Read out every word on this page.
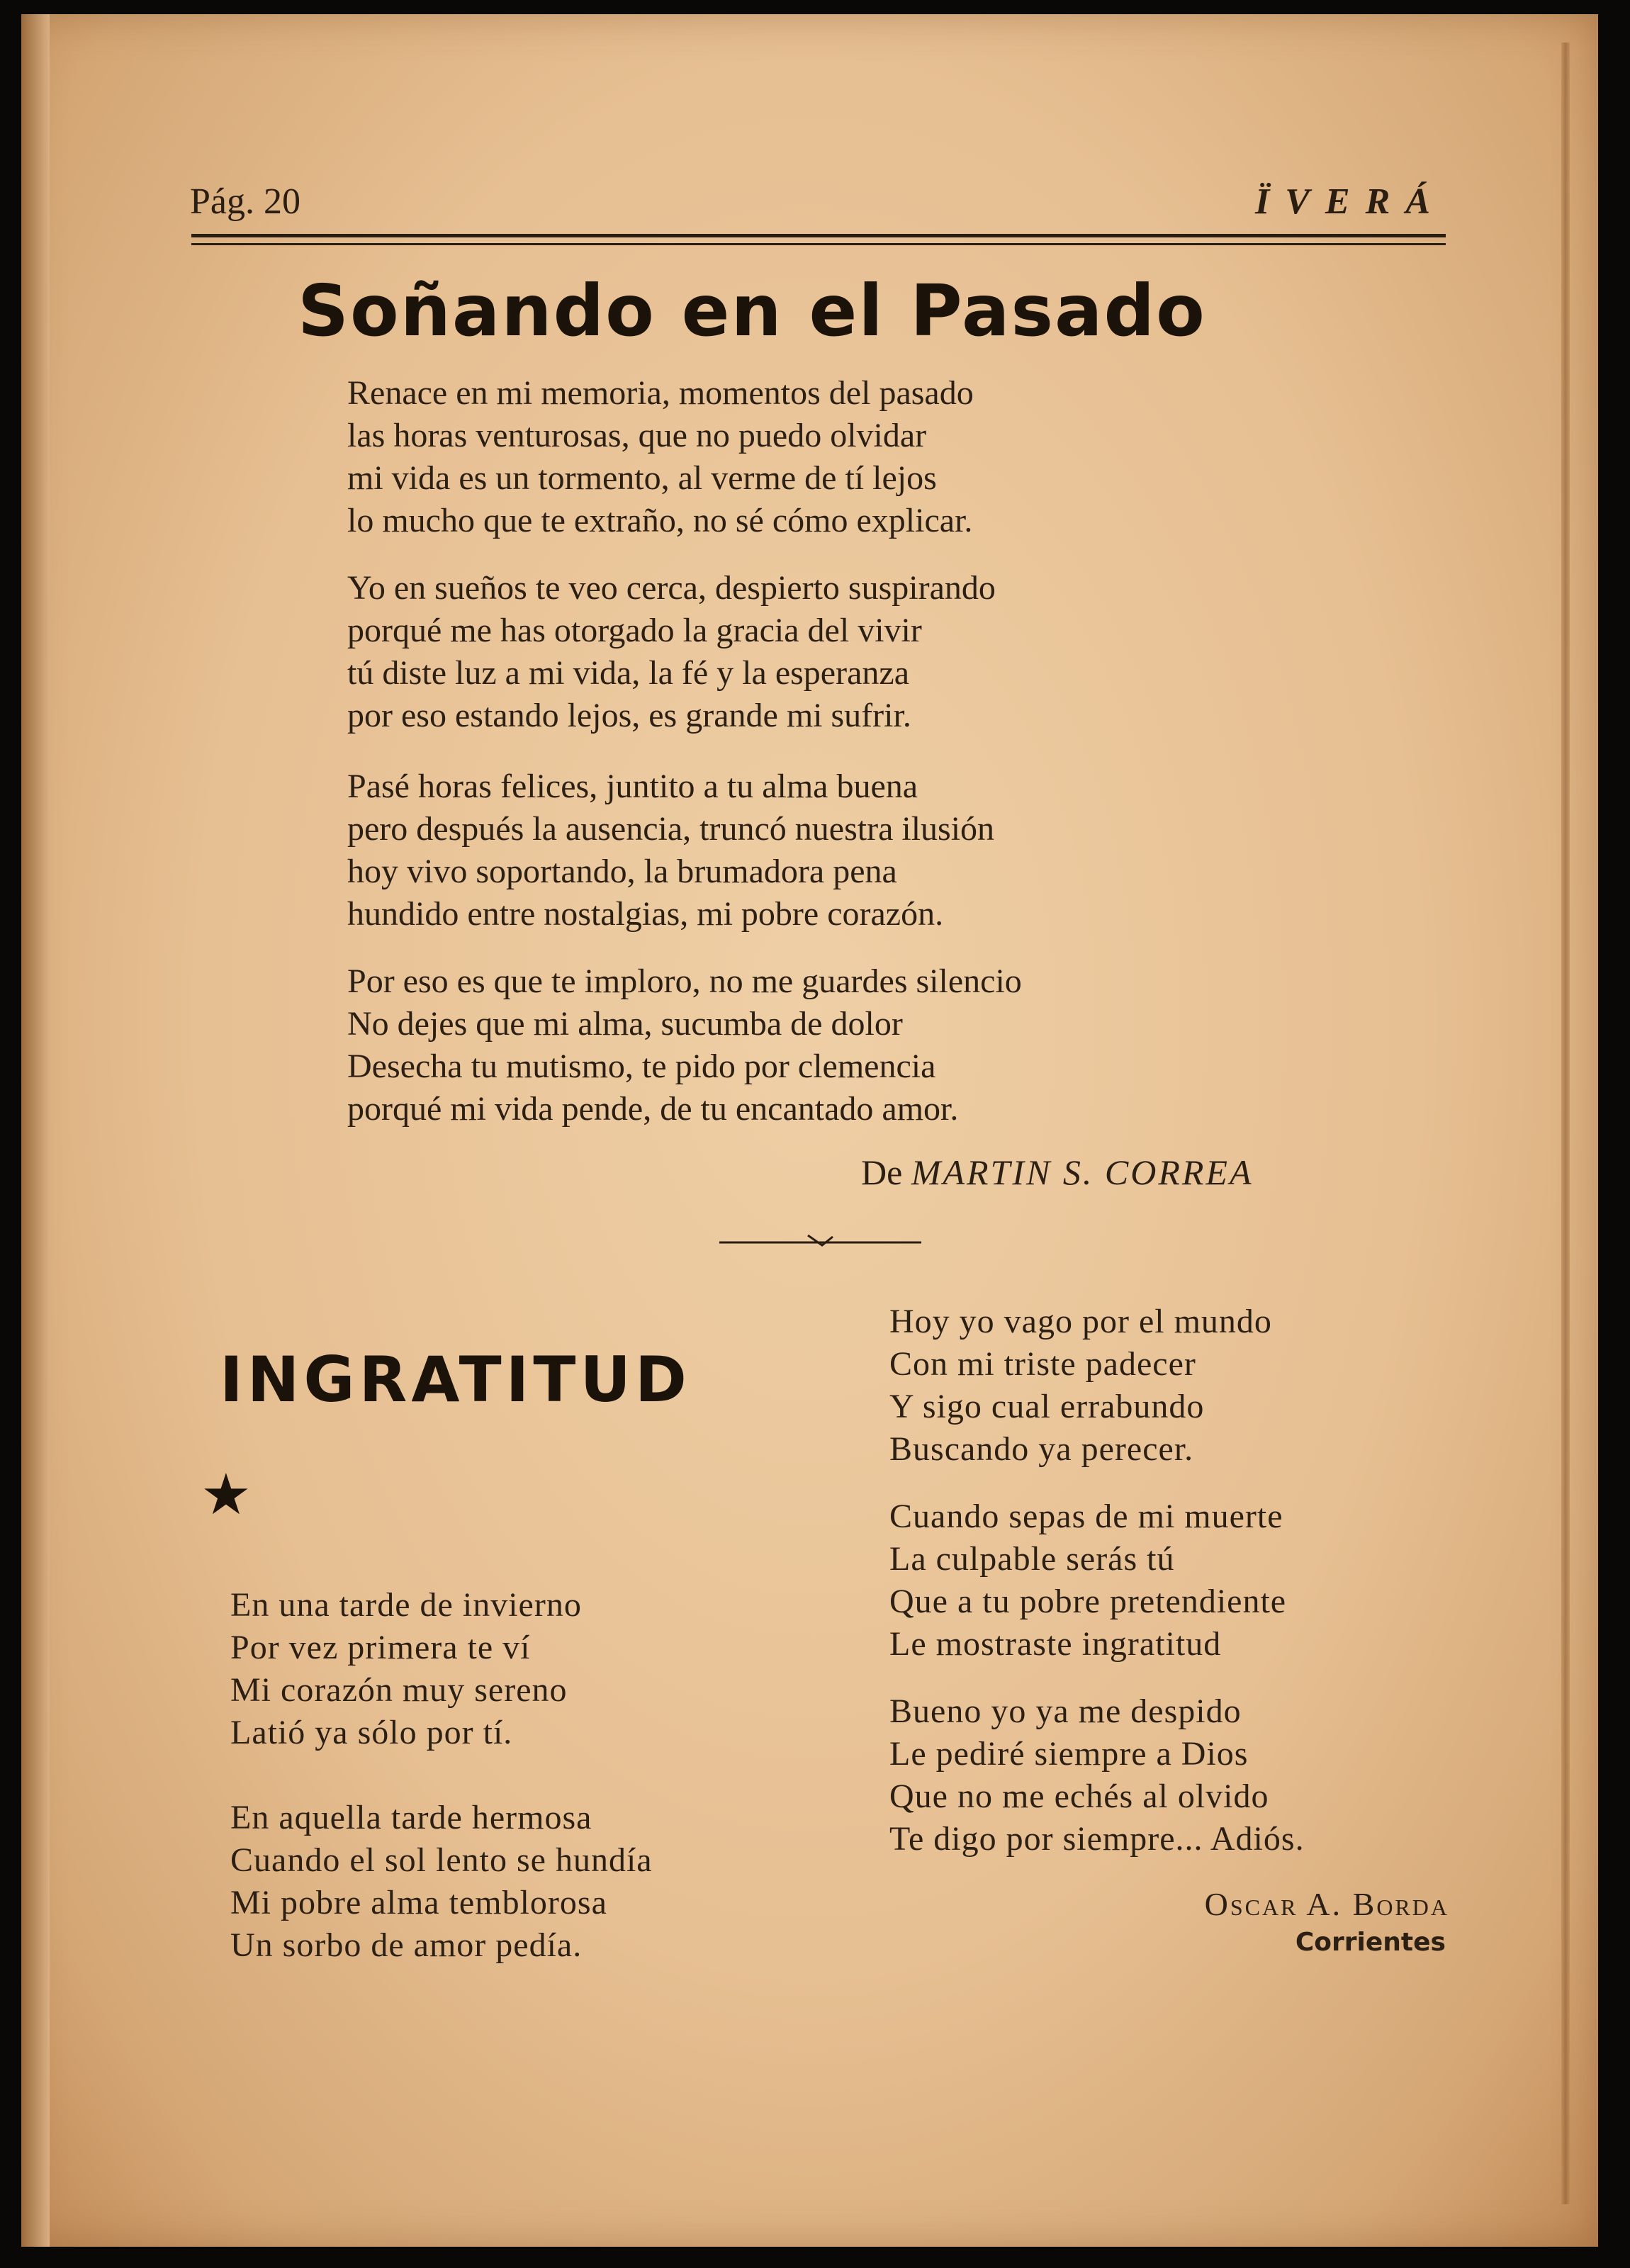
Pág. 20	ÏVERÁ
Soñando en el Pasado
Renace en mi memoria, momentos del pasado
las horas venturosas, que no puedo olvidar
mi vida es un tormento, al verme de tí lejos
lo mucho que te extraño, no sé cómo explicar.
Yo en sueños te veo cerca, despierto suspirando
porqué me has otorgado la gracia del vivir
tú diste luz a mi vida, la fé y la esperanza
por eso estando lejos, es grande mi sufrir.
Pasé horas felices, juntito a tu alma buena
pero después la ausencia, truncó nuestra ilusión
hoy vivo soportando, la brumadora pena
hundido entre nostalgias, mi pobre corazón.
Por eso es que te imploro, no me guardes silencio
No dejes que mi alma, sucumba de dolor
Desecha tu mutismo, te pido por clemencia
porqué mi vida pende, de tu encantado amor.
De MARTIN S. CORREA
INGRATITUD
★
En una tarde de invierno
Por vez primera te ví
Mi corazón muy sereno
Latió ya sólo por tí.
En aquella tarde hermosa
Cuando el sol lento se hundía
Mi pobre alma temblorosa
Un sorbo de amor pedía.
Hoy yo vago por el mundo
Con mi triste padecer
Y sigo cual errabundo
Buscando ya perecer.
Cuando sepas de mi muerte
La culpable serás tú
Que a tu pobre pretendiente
Le mostraste ingratitud
Bueno yo ya me despido
Le pediré siempre a Dios
Que no me echés al olvido
Te digo por siempre... Adiós.
Oscar A. Borda
Corrientes
